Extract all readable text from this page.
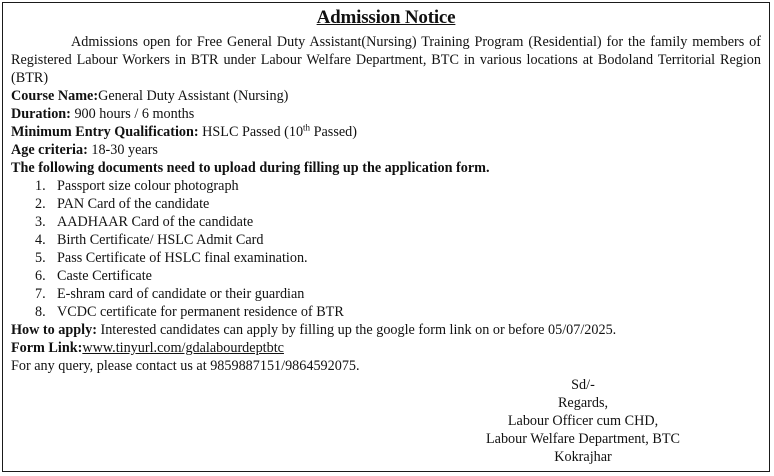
Admission Notice

Admissions open for Free General Duty Assistant(Nursing) Training Program (Residential) for the family members of Registered Labour Workers in BTR under Labour Welfare Department, BTC in various locations at Bodoland Territorial Region (BTR)

Course Name:General Duty Assistant (Nursing)

Duration: 900 hours / 6 months

Minimum Entry Qualification: HSLC Passed (10th Passed)

Age criteria: 18-30 years

The following documents need to upload during filling up the application form.

1. Passport size colour photograph
2. PAN Card of the candidate
3. AADHAAR Card of the candidate
4. Birth Certificate/ HSLC Admit Card
5. Pass Certificate of HSLC final examination.
6. Caste Certificate
7. E-shram card of candidate or their guardian
8. VCDC certificate for permanent residence of BTR

How to apply: Interested candidates can apply by filling up the google form link on or before 05/07/2025.

Form Link:www.tinyurl.com/gdalabourdeptbtc

For any query, please contact us at 9859887151/9864592075.

Sd/-
Regards,
Labour Officer cum CHD,
Labour Welfare Department, BTC
Kokrajhar
